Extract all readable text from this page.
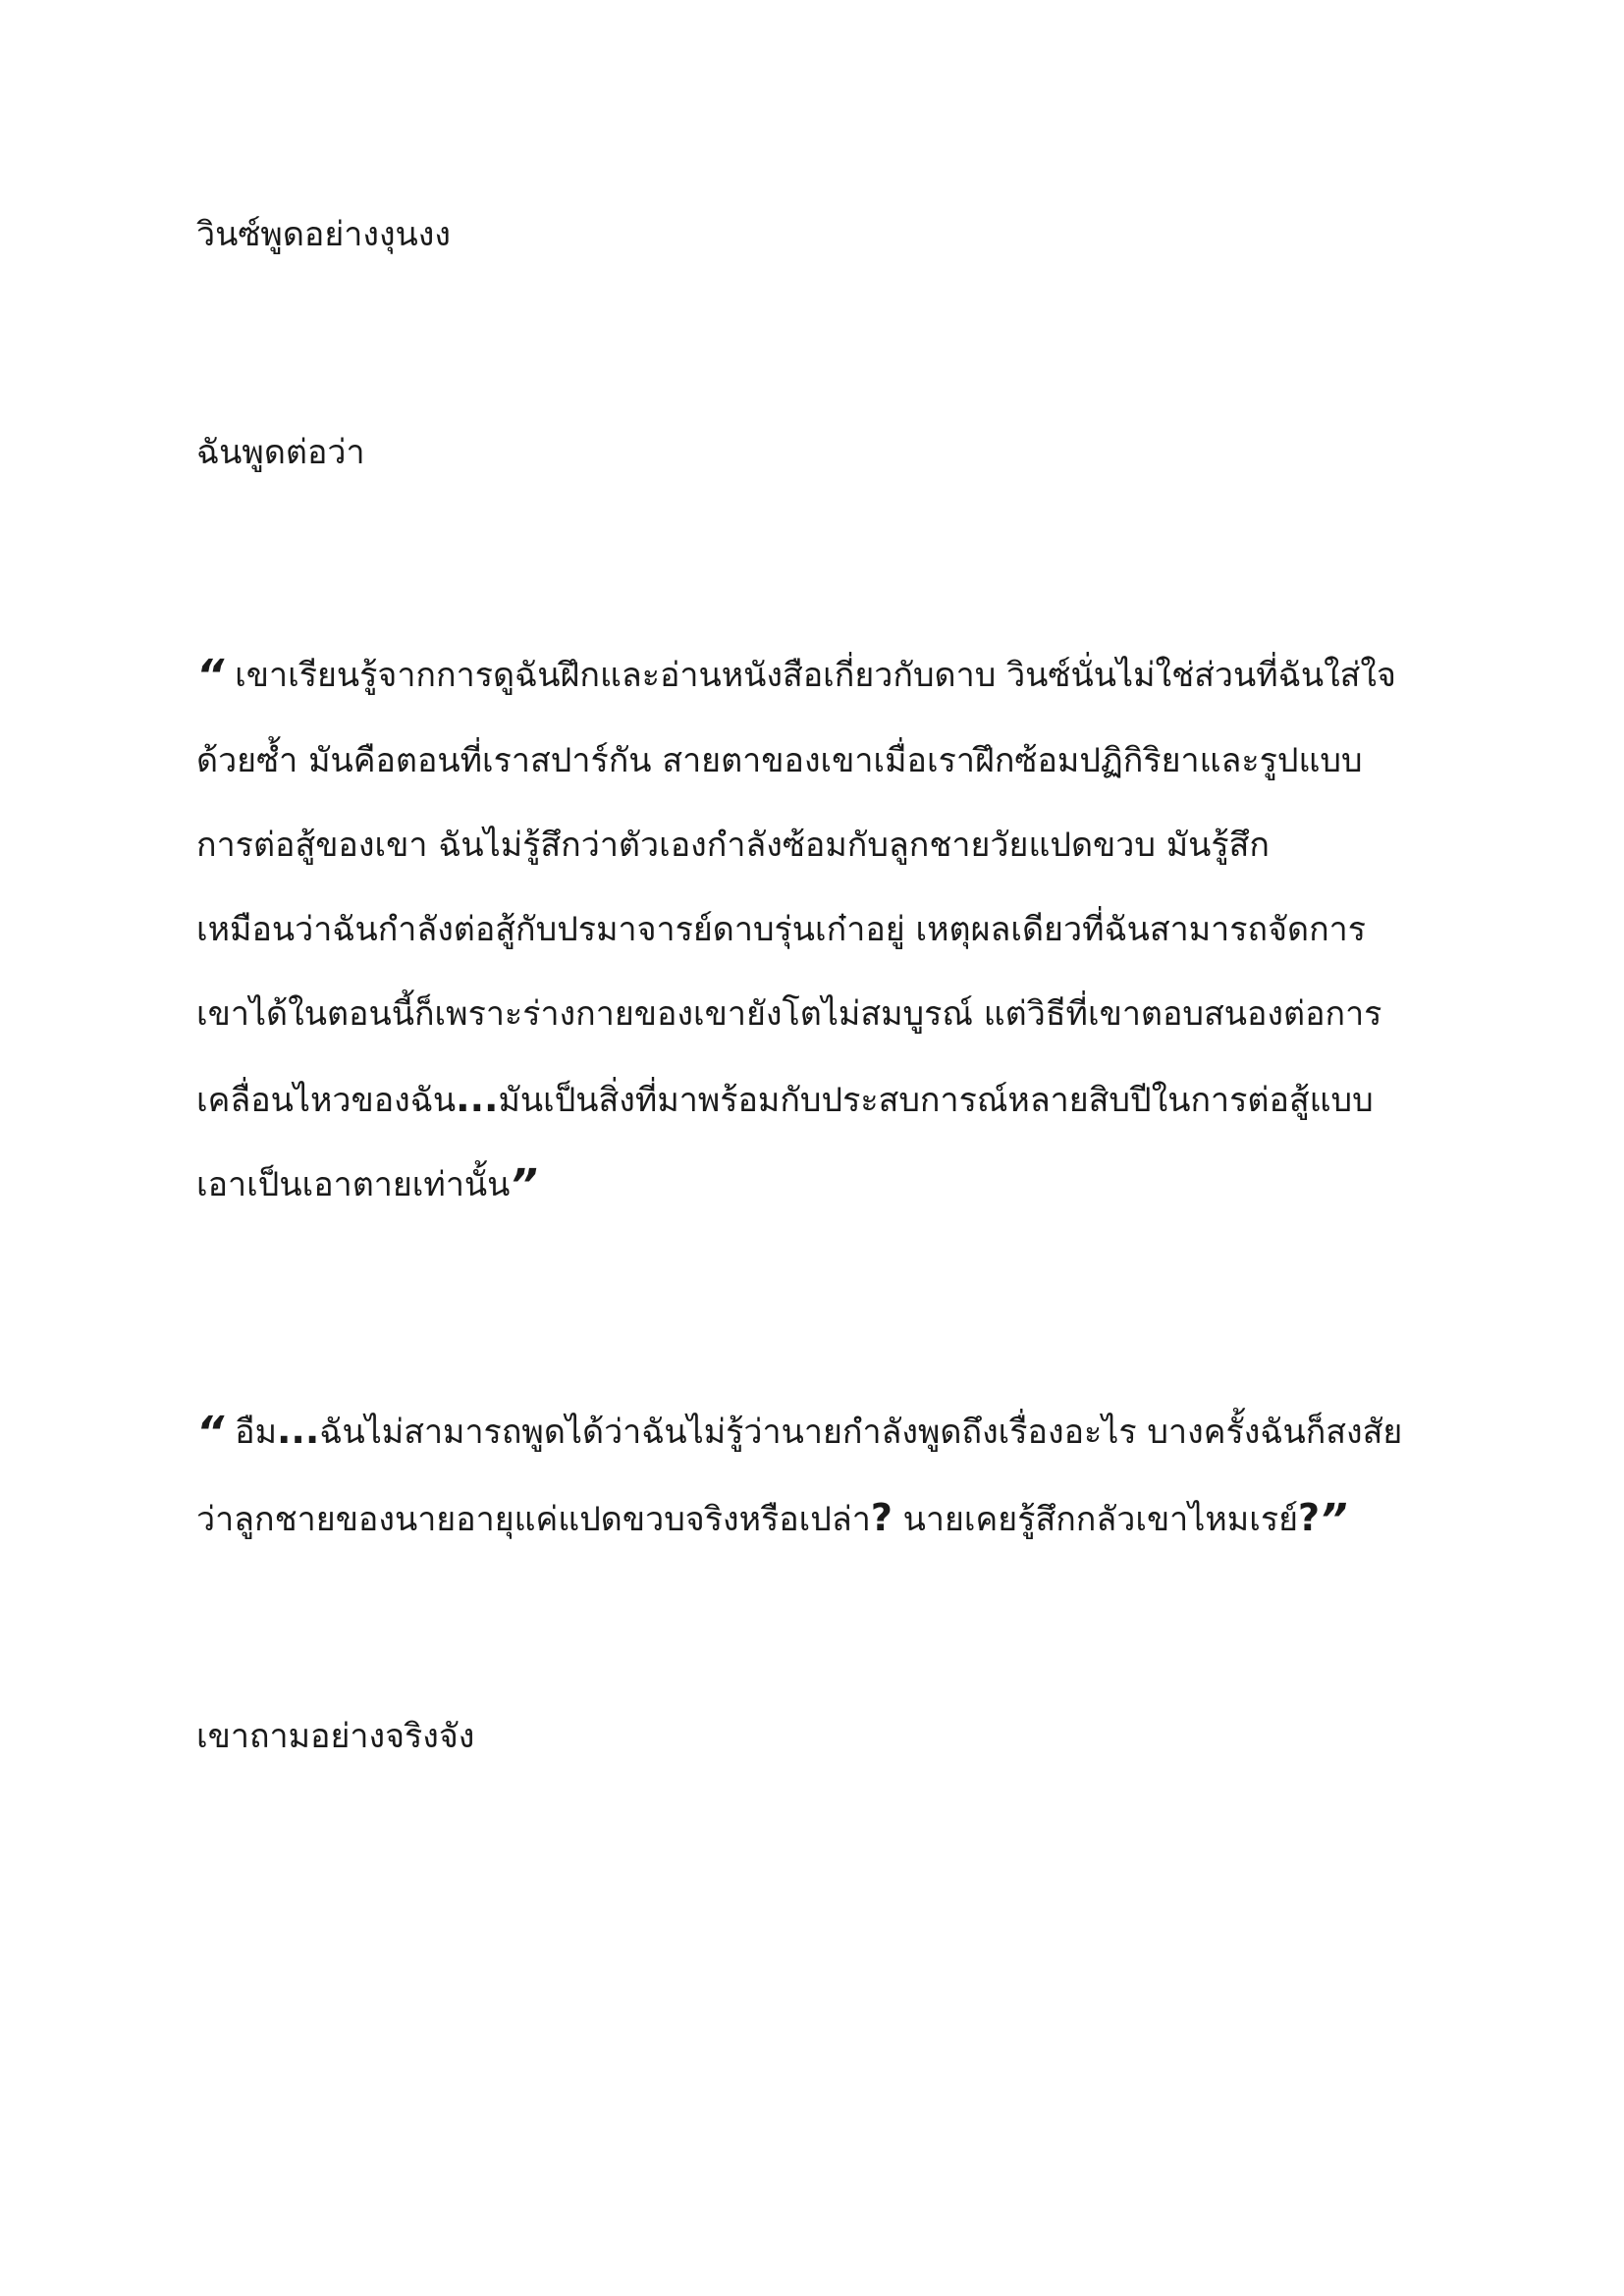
วินซ์พูดอย่างงุนงง

ฉันพูดต่อว่า

“ เขาเรียนรู้จากการดูฉันฝึกและอ่านหนังสือเกี่ยวกับดาบ วินซ์นั่นไม่ใช่ส่วนที่ฉันใส่ใจ
ด้วยซ้ำ มันคือตอนที่เราสปาร์กัน สายตาของเขาเมื่อเราฝึกซ้อมปฏิกิริยาและรูปแบบ
การต่อสู้ของเขา ฉันไม่รู้สึกว่าตัวเองกำลังซ้อมกับลูกชายวัยแปดขวบ มันรู้สึก
เหมือนว่าฉันกำลังต่อสู้กับปรมาจารย์ดาบรุ่นเก๋าอยู่ เหตุผลเดียวที่ฉันสามารถจัดการ
เขาได้ในตอนนี้ก็เพราะร่างกายของเขายังโตไม่สมบูรณ์ แต่วิธีที่เขาตอบสนองต่อการ
เคลื่อนไหวของฉัน...มันเป็นสิ่งที่มาพร้อมกับประสบการณ์หลายสิบปีในการต่อสู้แบบ
เอาเป็นเอาตายเท่านั้น”

“ อืม...ฉันไม่สามารถพูดได้ว่าฉันไม่รู้ว่านายกำลังพูดถึงเรื่องอะไร บางครั้งฉันก็สงสัย
ว่าลูกชายของนายอายุแค่แปดขวบจริงหรือเปล่า? นายเคยรู้สึกกลัวเขาไหมเรย์?”

เขาถามอย่างจริงจัง
